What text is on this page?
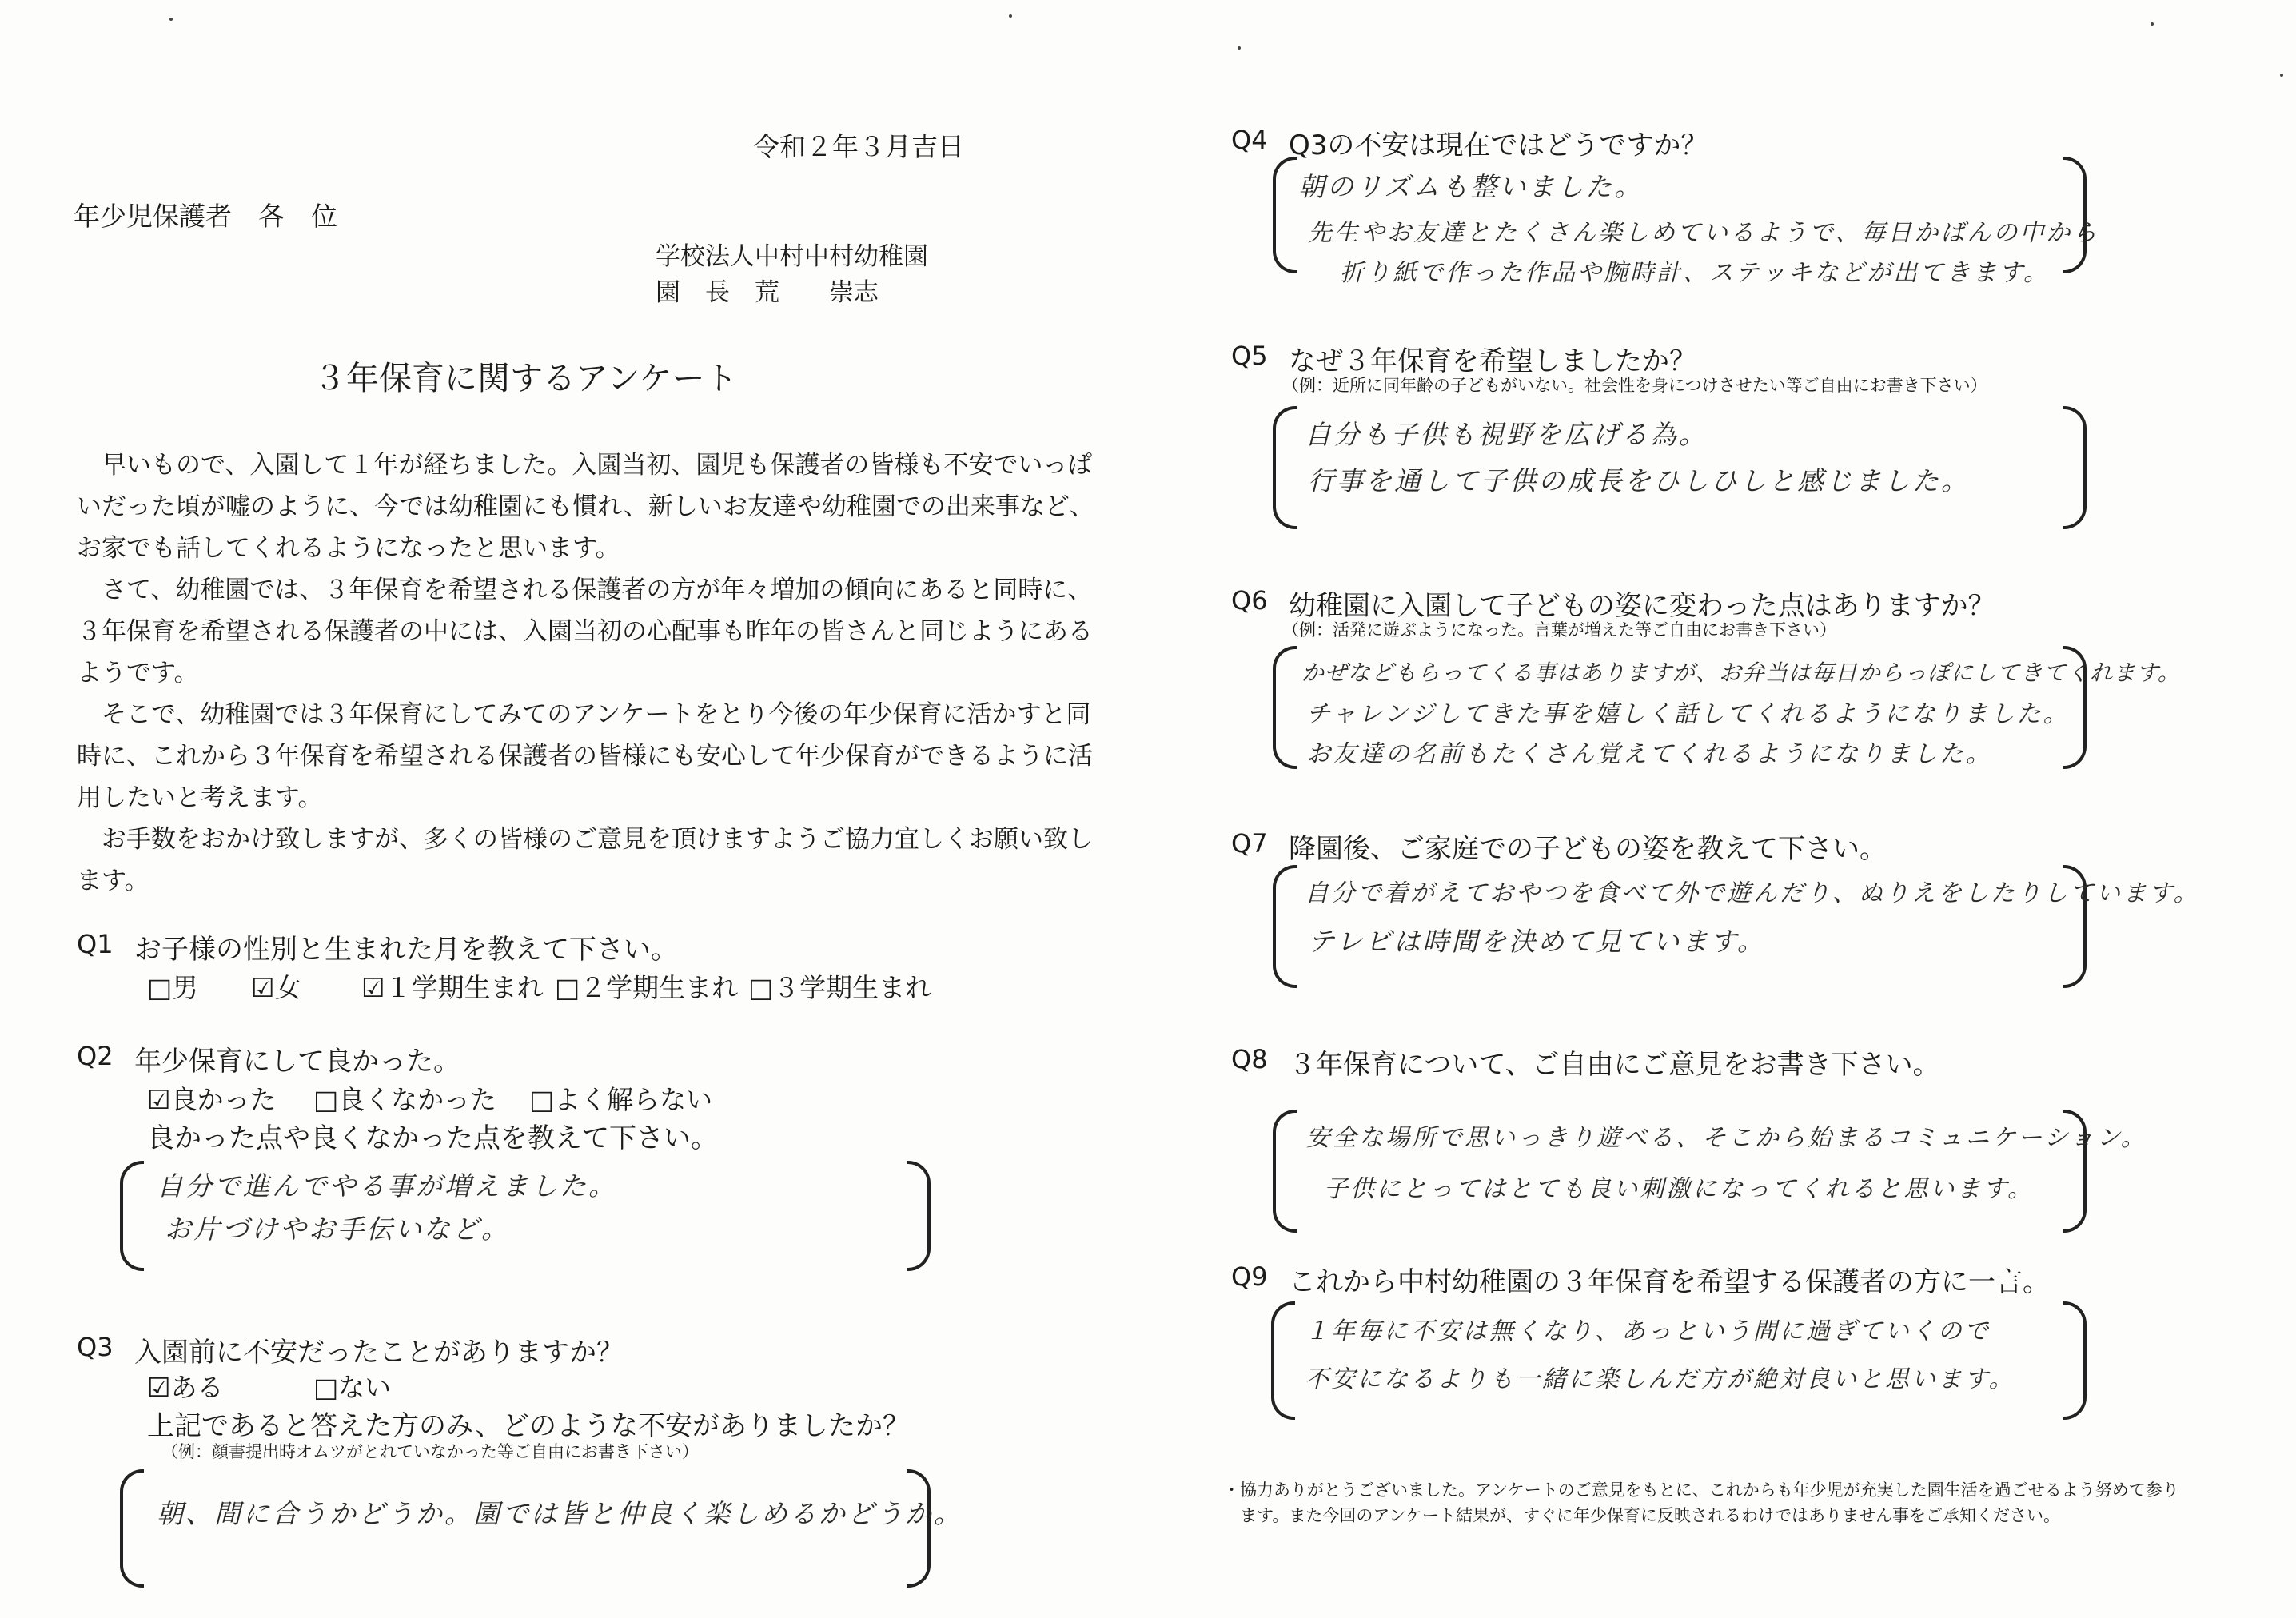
令和２年３月吉日
年少児保護者　各　位
学校法人中村中村幼稚園
園　長　荒　　崇志
３年保育に関するアンケート
　早いもので、入園して１年が経ちました。入園当初、園児も保護者の皆様も不安でいっぱ
いだった頃が嘘のように、今では幼稚園にも慣れ、新しいお友達や幼稚園での出来事など、
お家でも話してくれるようになったと思います。
　さて、幼稚園では、３年保育を希望される保護者の方が年々増加の傾向にあると同時に、
３年保育を希望される保護者の中には、入園当初の心配事も昨年の皆さんと同じようにある
ようです。
　そこで、幼稚園では３年保育にしてみてのアンケートをとり今後の年少保育に活かすと同
時に、これから３年保育を希望される保護者の皆様にも安心して年少保育ができるように活
用したいと考えます。
　お手数をおかけ致しますが、多くの皆様のご意見を頂けますようご協力宜しくお願い致し
ます。
Q1 お子様の性別と生まれた月を教えて下さい。
□男 ☑女 ☑１学期生まれ □２学期生まれ □３学期生まれ
Q2 年少保育にして良かった。
☑良かった □良くなかった □よく解らない
良かった点や良くなかった点を教えて下さい。
自分で進んでやる事が増えました。
お片づけやお手伝いなど。
Q3 入園前に不安だったことがありますか？
☑ある	□ない
上記であると答えた方のみ、どのような不安がありましたか？
（例：顔書提出時オムツがとれていなかった等ご自由にお書き下さい）
朝、間に合うかどうか。園では皆と仲良く楽しめるかどうか。
Q4 Q3の不安は現在ではどうですか？
朝のリズムも整いました。
先生やお友達とたくさん楽しめているようで、毎日かばんの中から
折り紙で作った作品や腕時計、ステッキなどが出てきます。
Q5 なぜ３年保育を希望しましたか？
（例：近所に同年齢の子どもがいない。社会性を身につけさせたい等ご自由にお書き下さい）
自分も子供も視野を広げる為。
行事を通して子供の成長をひしひしと感じました。
Q6 幼稚園に入園して子どもの姿に変わった点はありますか？
（例：活発に遊ぶようになった。言葉が増えた等ご自由にお書き下さい）
かぜなどもらってくる事はありますが、お弁当は毎日からっぽにしてきてくれます。
チャレンジしてきた事を嬉しく話してくれるようになりました。
お友達の名前もたくさん覚えてくれるようになりました。
Q7 降園後、ご家庭での子どもの姿を教えて下さい。
自分で着がえておやつを食べて外で遊んだり、ぬりえをしたりしています。
テレビは時間を決めて見ています。
Q8 ３年保育について、ご自由にご意見をお書き下さい。
安全な場所で思いっきり遊べる、そこから始まるコミュニケーション。
子供にとってはとても良い刺激になってくれると思います。
Q9 これから中村幼稚園の３年保育を希望する保護者の方に一言。
１年毎に不安は無くなり、あっという間に過ぎていくので
不安になるよりも一緒に楽しんだ方が絶対良いと思います。
・協力ありがとうございました。アンケートのご意見をもとに、これからも年少児が充実した園生活を過ごせるよう努めて参り
　ます。また今回のアンケート結果が、すぐに年少保育に反映されるわけではありません事をご承知ください。
